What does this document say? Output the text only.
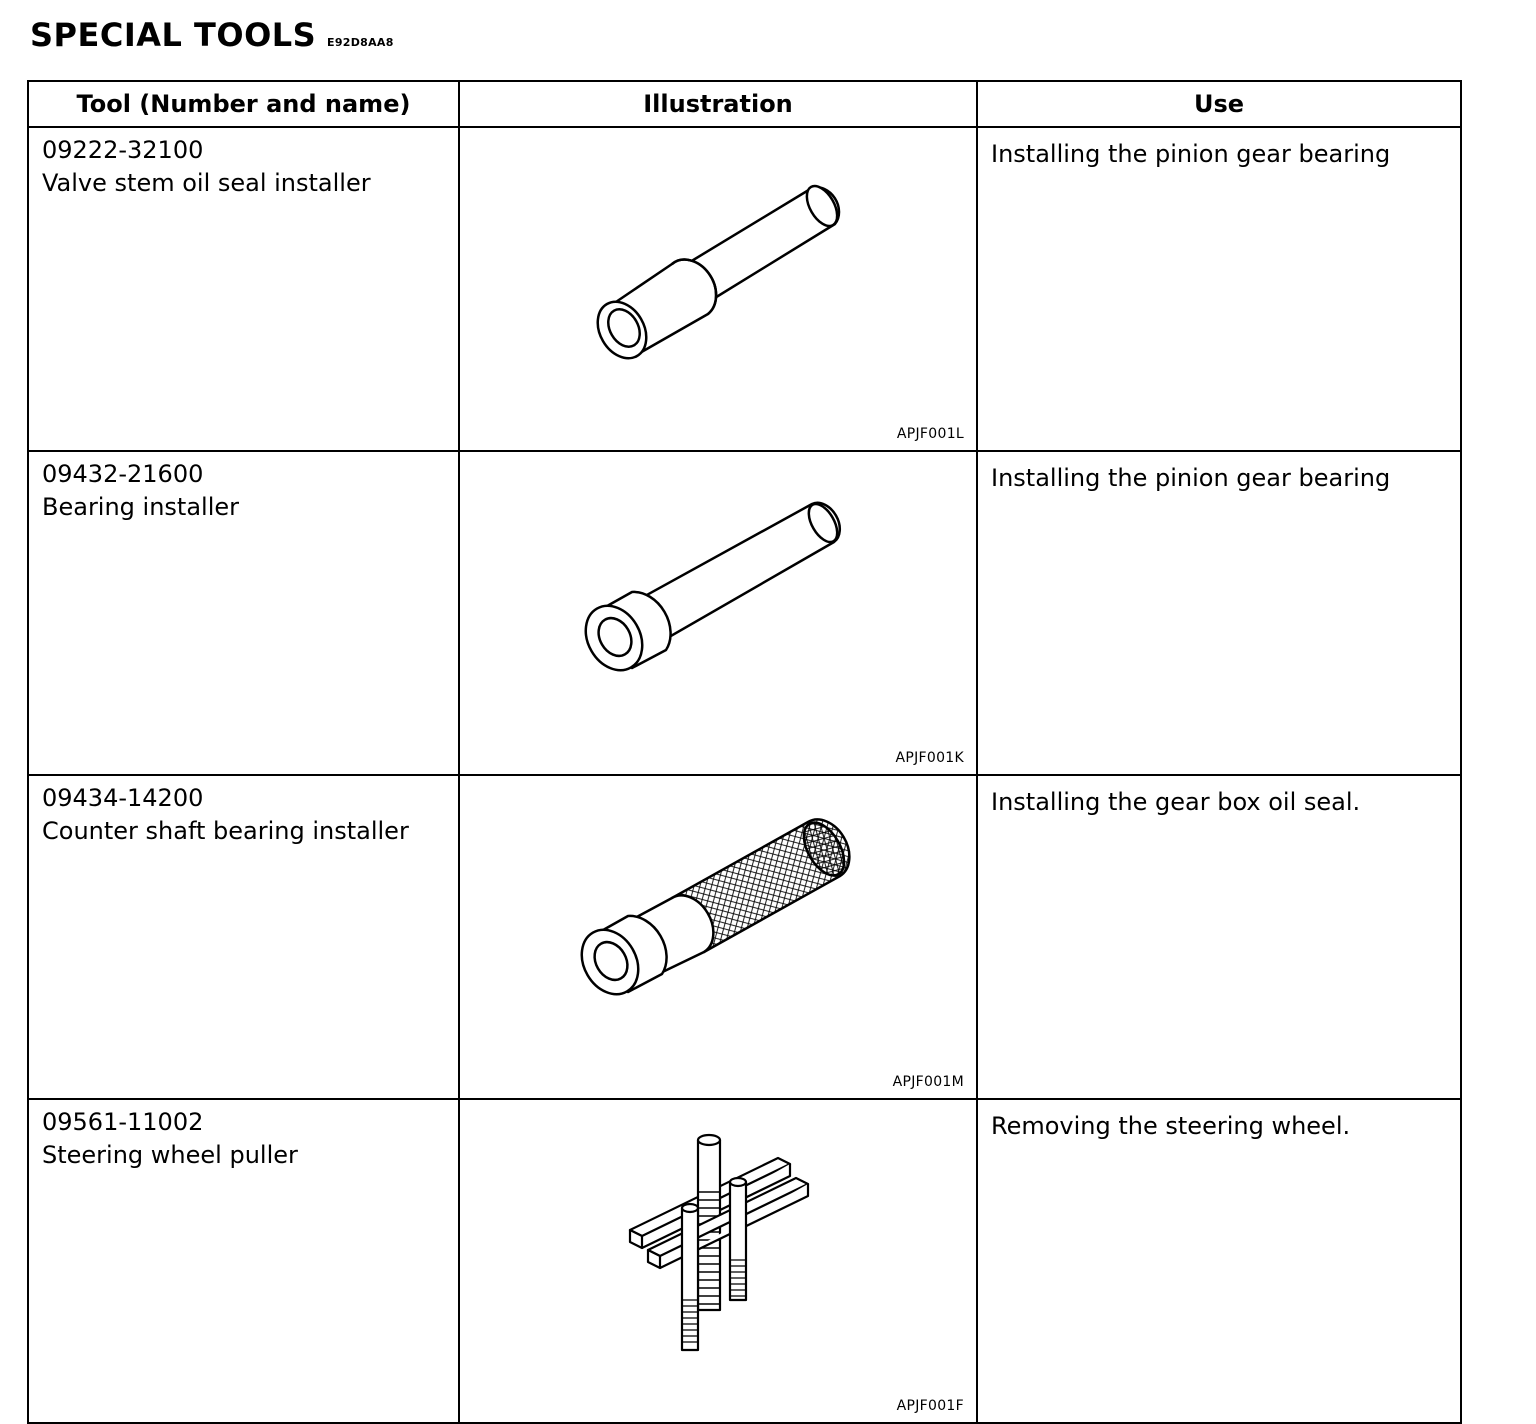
SPECIAL TOOLS E92D8AA8
Tool (Number and name)	Illustration	Use

09222-32100
Valve stem oil seal installer	APJF001L	Installing the pinion gear bearing

09432-21600
Bearing installer	APJF001K	Installing the pinion gear bearing

09434-14200
Counter shaft bearing installer	APJF001M	Installing the gear box oil seal.

09561-11002
Steering wheel puller	APJF001F	Removing the steering wheel.
